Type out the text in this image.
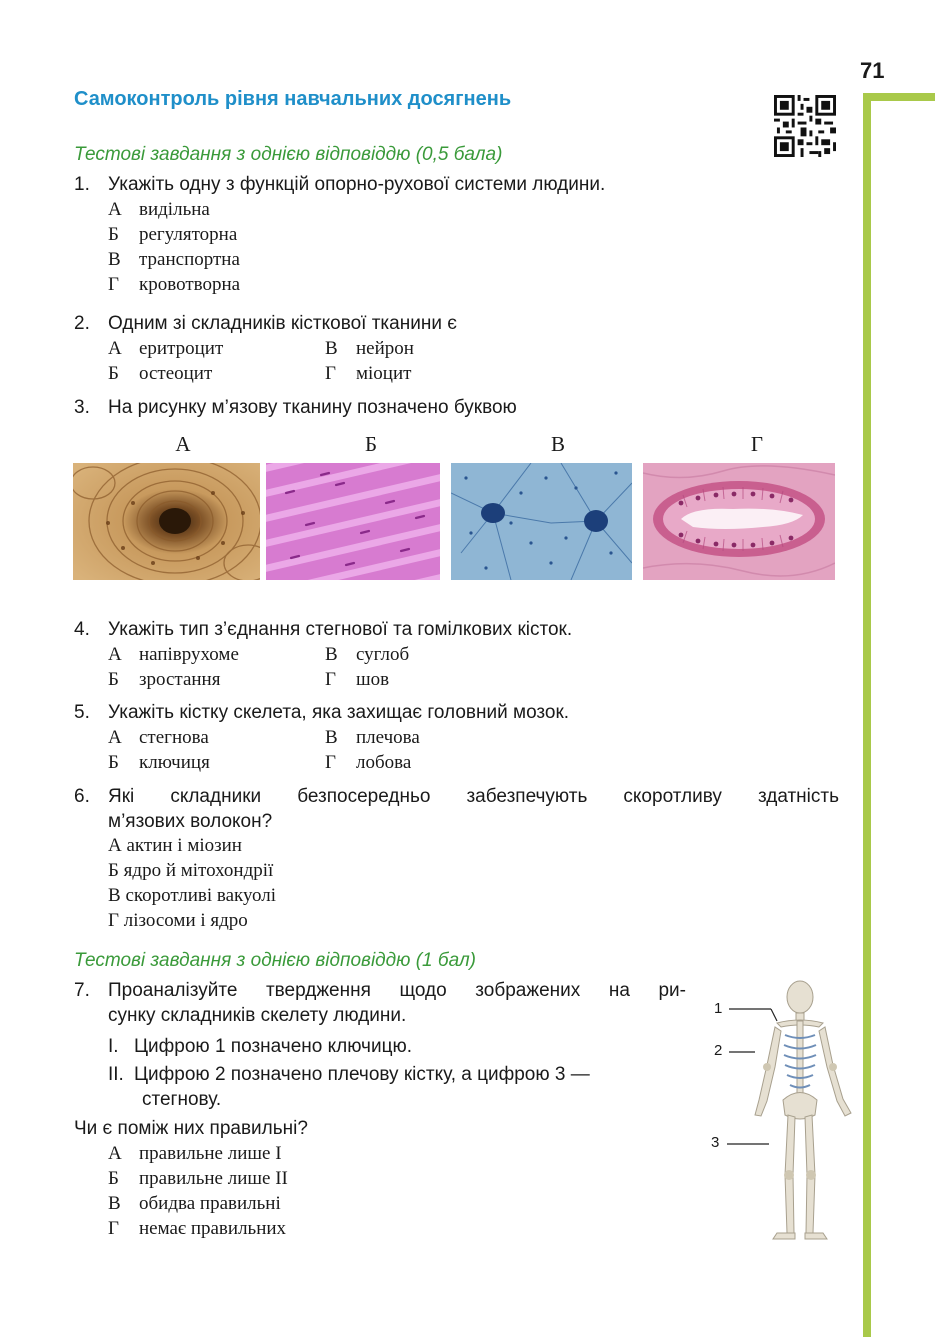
71
Самоконтроль рівня навчальних досягнень
Тестові завдання з однією відповіддю (0,5 бала)
1. Укажіть одну з функцій опорно-рухової системи людини.
А видільна
Б регуляторна
В транспортна
Г кровотворна
2. Одним зі складників кісткової тканини є
А еритроцит	В нейрон
Б остеоцит	Г міоцит
3. На рисунку м’язову тканину позначено буквою
А	Б	В	Г
4. Укажіть тип з’єднання стегнової та гомілкових кісток.
А напіврухоме	В суглоб
Б зростання	Г шов
5. Укажіть кістку скелета, яка захищає головний мозок.
А стегнова	В плечова
Б ключиця	Г лобова
6. Які складники безпосередньо забезпечують скоротливу здатність
м’язових волокон?
А актин і міозин
Б ядро й мітохондрії
В скоротливі вакуолі
Г лізосоми і ядро
Тестові завдання з однією відповіддю (1 бал)
7. Проаналізуйте твердження щодо зображених на ри-
сунку складників скелету людини.
I. Цифрою 1 позначено ключицю.
II. Цифрою 2 позначено плечову кістку, а цифрою 3 —
стегнову.
Чи є поміж них правильні?
А правильне лише I
Б правильне лише II
В обидва правильні
Г немає правильних
1
2
3
